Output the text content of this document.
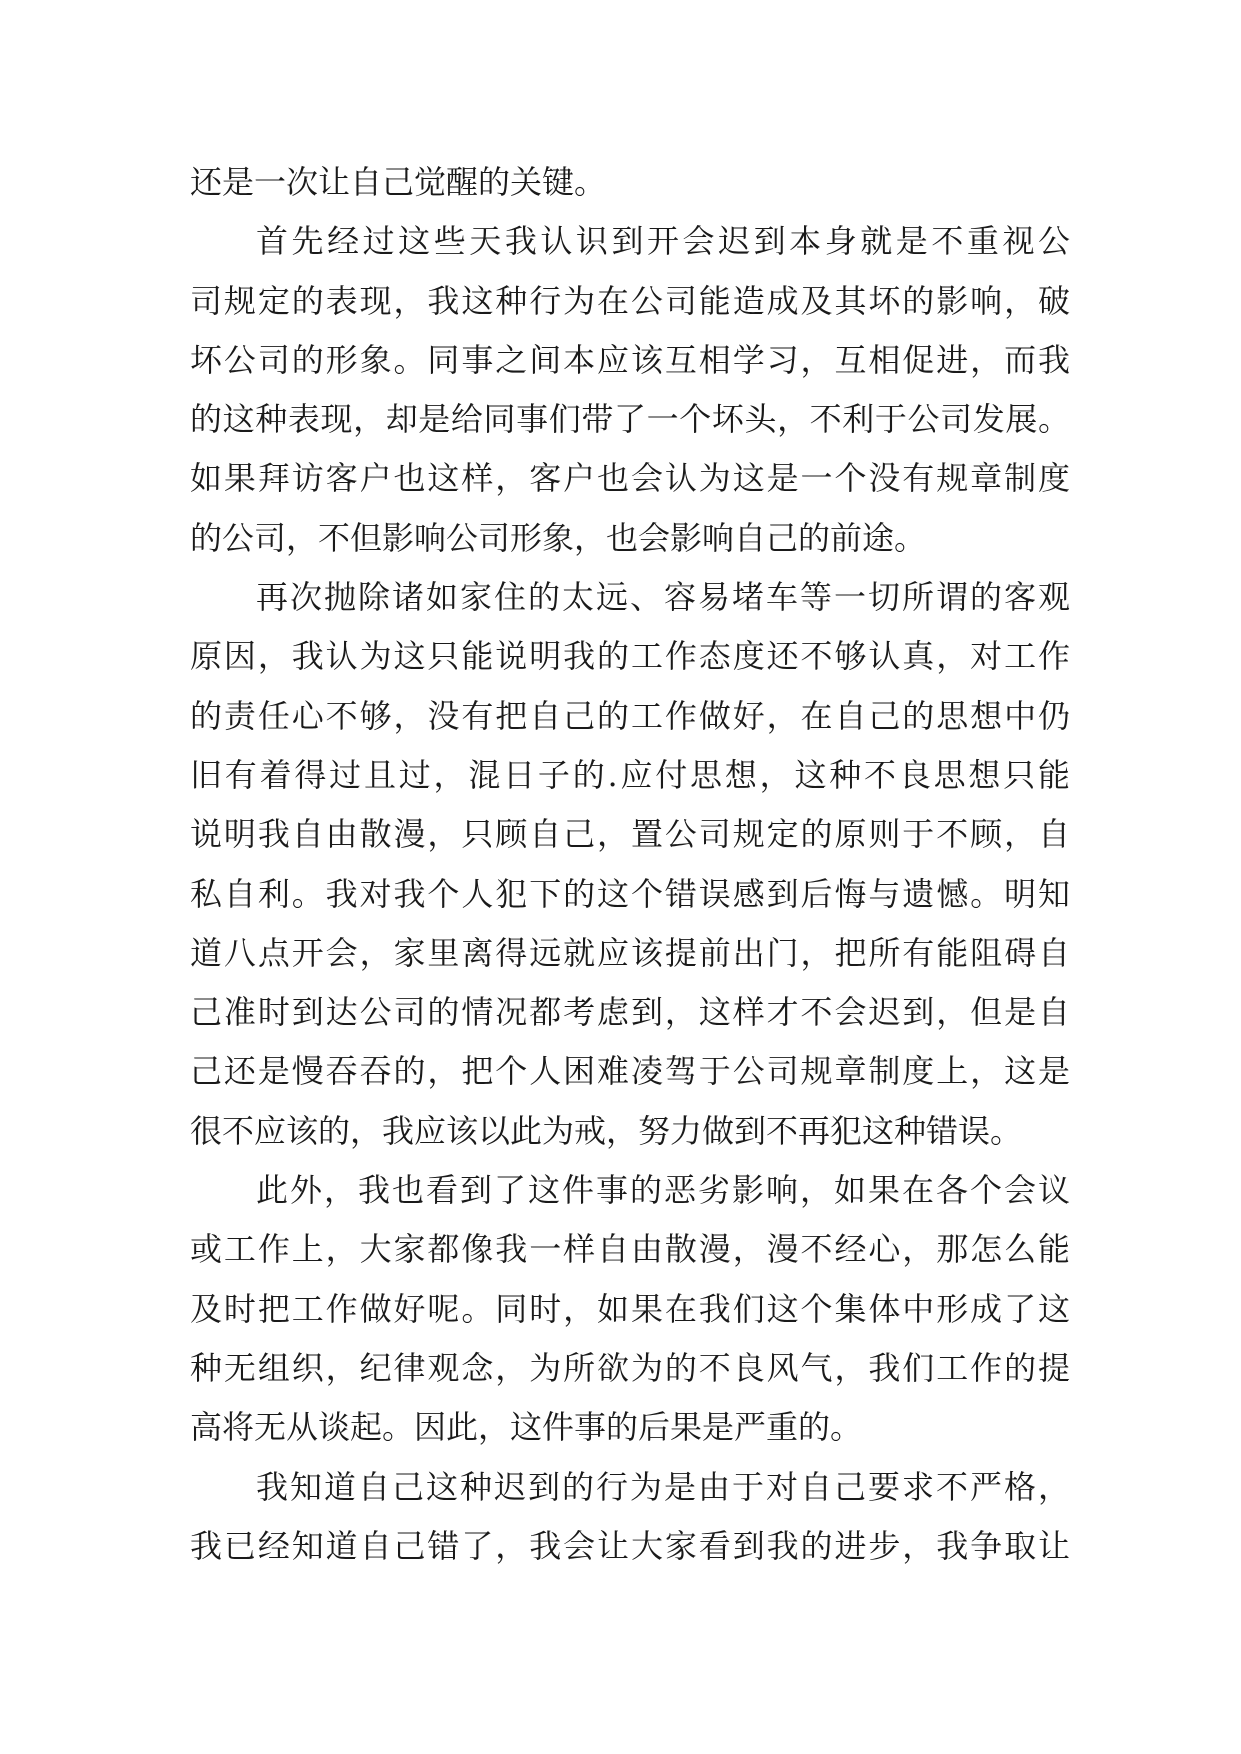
还是一次让自己觉醒的关键。
首先经过这些天我认识到开会迟到本身就是不重视公
司规定的表现，我这种行为在公司能造成及其坏的影响，破
坏公司的形象。同事之间本应该互相学习，互相促进，而我
的这种表现，却是给同事们带了一个坏头，不利于公司发展。
如果拜访客户也这样，客户也会认为这是一个没有规章制度
的公司，不但影响公司形象，也会影响自己的前途。
再次抛除诸如家住的太远、容易堵车等一切所谓的客观
原因，我认为这只能说明我的工作态度还不够认真，对工作
的责任心不够，没有把自己的工作做好，在自己的思想中仍
旧有着得过且过，混日子的.应付思想，这种不良思想只能
说明我自由散漫，只顾自己，置公司规定的原则于不顾，自
私自利。我对我个人犯下的这个错误感到后悔与遗憾。明知
道八点开会，家里离得远就应该提前出门，把所有能阻碍自
己准时到达公司的情况都考虑到，这样才不会迟到，但是自
己还是慢吞吞的，把个人困难凌驾于公司规章制度上，这是
很不应该的，我应该以此为戒，努力做到不再犯这种错误。
此外，我也看到了这件事的恶劣影响，如果在各个会议
或工作上，大家都像我一样自由散漫，漫不经心，那怎么能
及时把工作做好呢。同时，如果在我们这个集体中形成了这
种无组织，纪律观念，为所欲为的不良风气，我们工作的提
高将无从谈起。因此，这件事的后果是严重的。
我知道自己这种迟到的行为是由于对自己要求不严格，
我已经知道自己错了，我会让大家看到我的进步，我争取让
